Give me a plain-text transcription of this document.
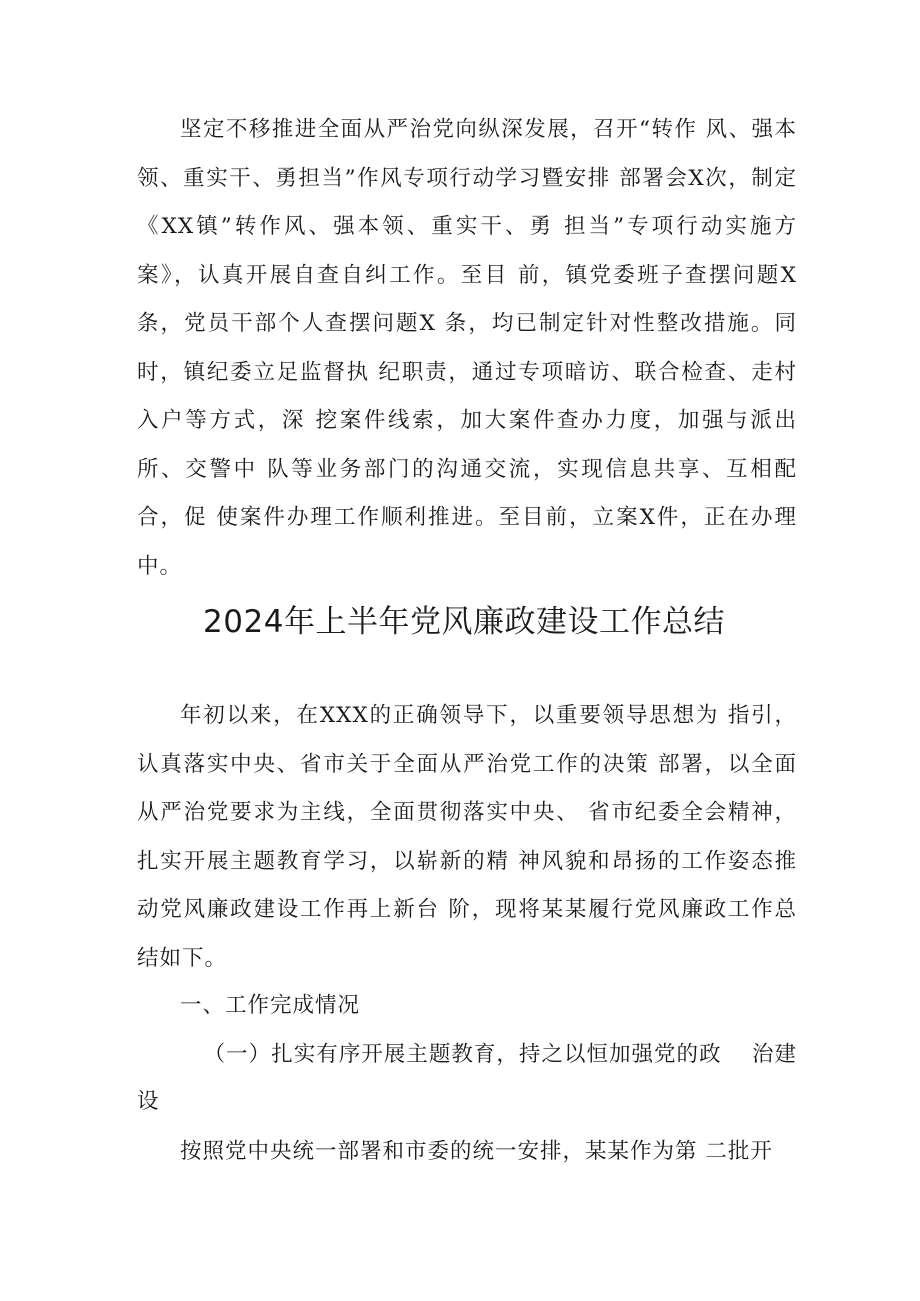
坚定不移推进全面从严治党向纵深发展，召开“转作 风、强本领、重实干、勇担当”作风专项行动学习暨安排 部署会X次，制定《XX镇”转作风、强本领、重实干、勇 担当”专项行动实施方案》，认真开展自查自纠工作。至目 前，镇党委班子查摆问题X条，党员干部个人查摆问题X 条，均已制定针对性整改措施。同时，镇纪委立足监督执 纪职责，通过专项暗访、联合检查、走村入户等方式，深 挖案件线索，加大案件查办力度，加强与派出所、交警中 队等业务部门的沟通交流，实现信息共享、互相配合，促 使案件办理工作顺利推进。至目前，立案X件，正在办理 中。

2024年上半年党风廉政建设工作总结

年初以来，在XXX的正确领导下，以重要领导思想为 指引，认真落实中央、省市关于全面从严治党工作的决策 部署，以全面从严治党要求为主线，全面贯彻落实中央、 省市纪委全会精神，扎实开展主题教育学习，以崭新的精 神风貌和昂扬的工作姿态推动党风廉政建设工作再上新台 阶，现将某某履行党风廉政工作总结如下。

一、工作完成情况

（一）扎实有序开展主题教育，持之以恒加强党的政　 治建设

按照党中央统一部署和市委的统一安排，某某作为第 二批开
